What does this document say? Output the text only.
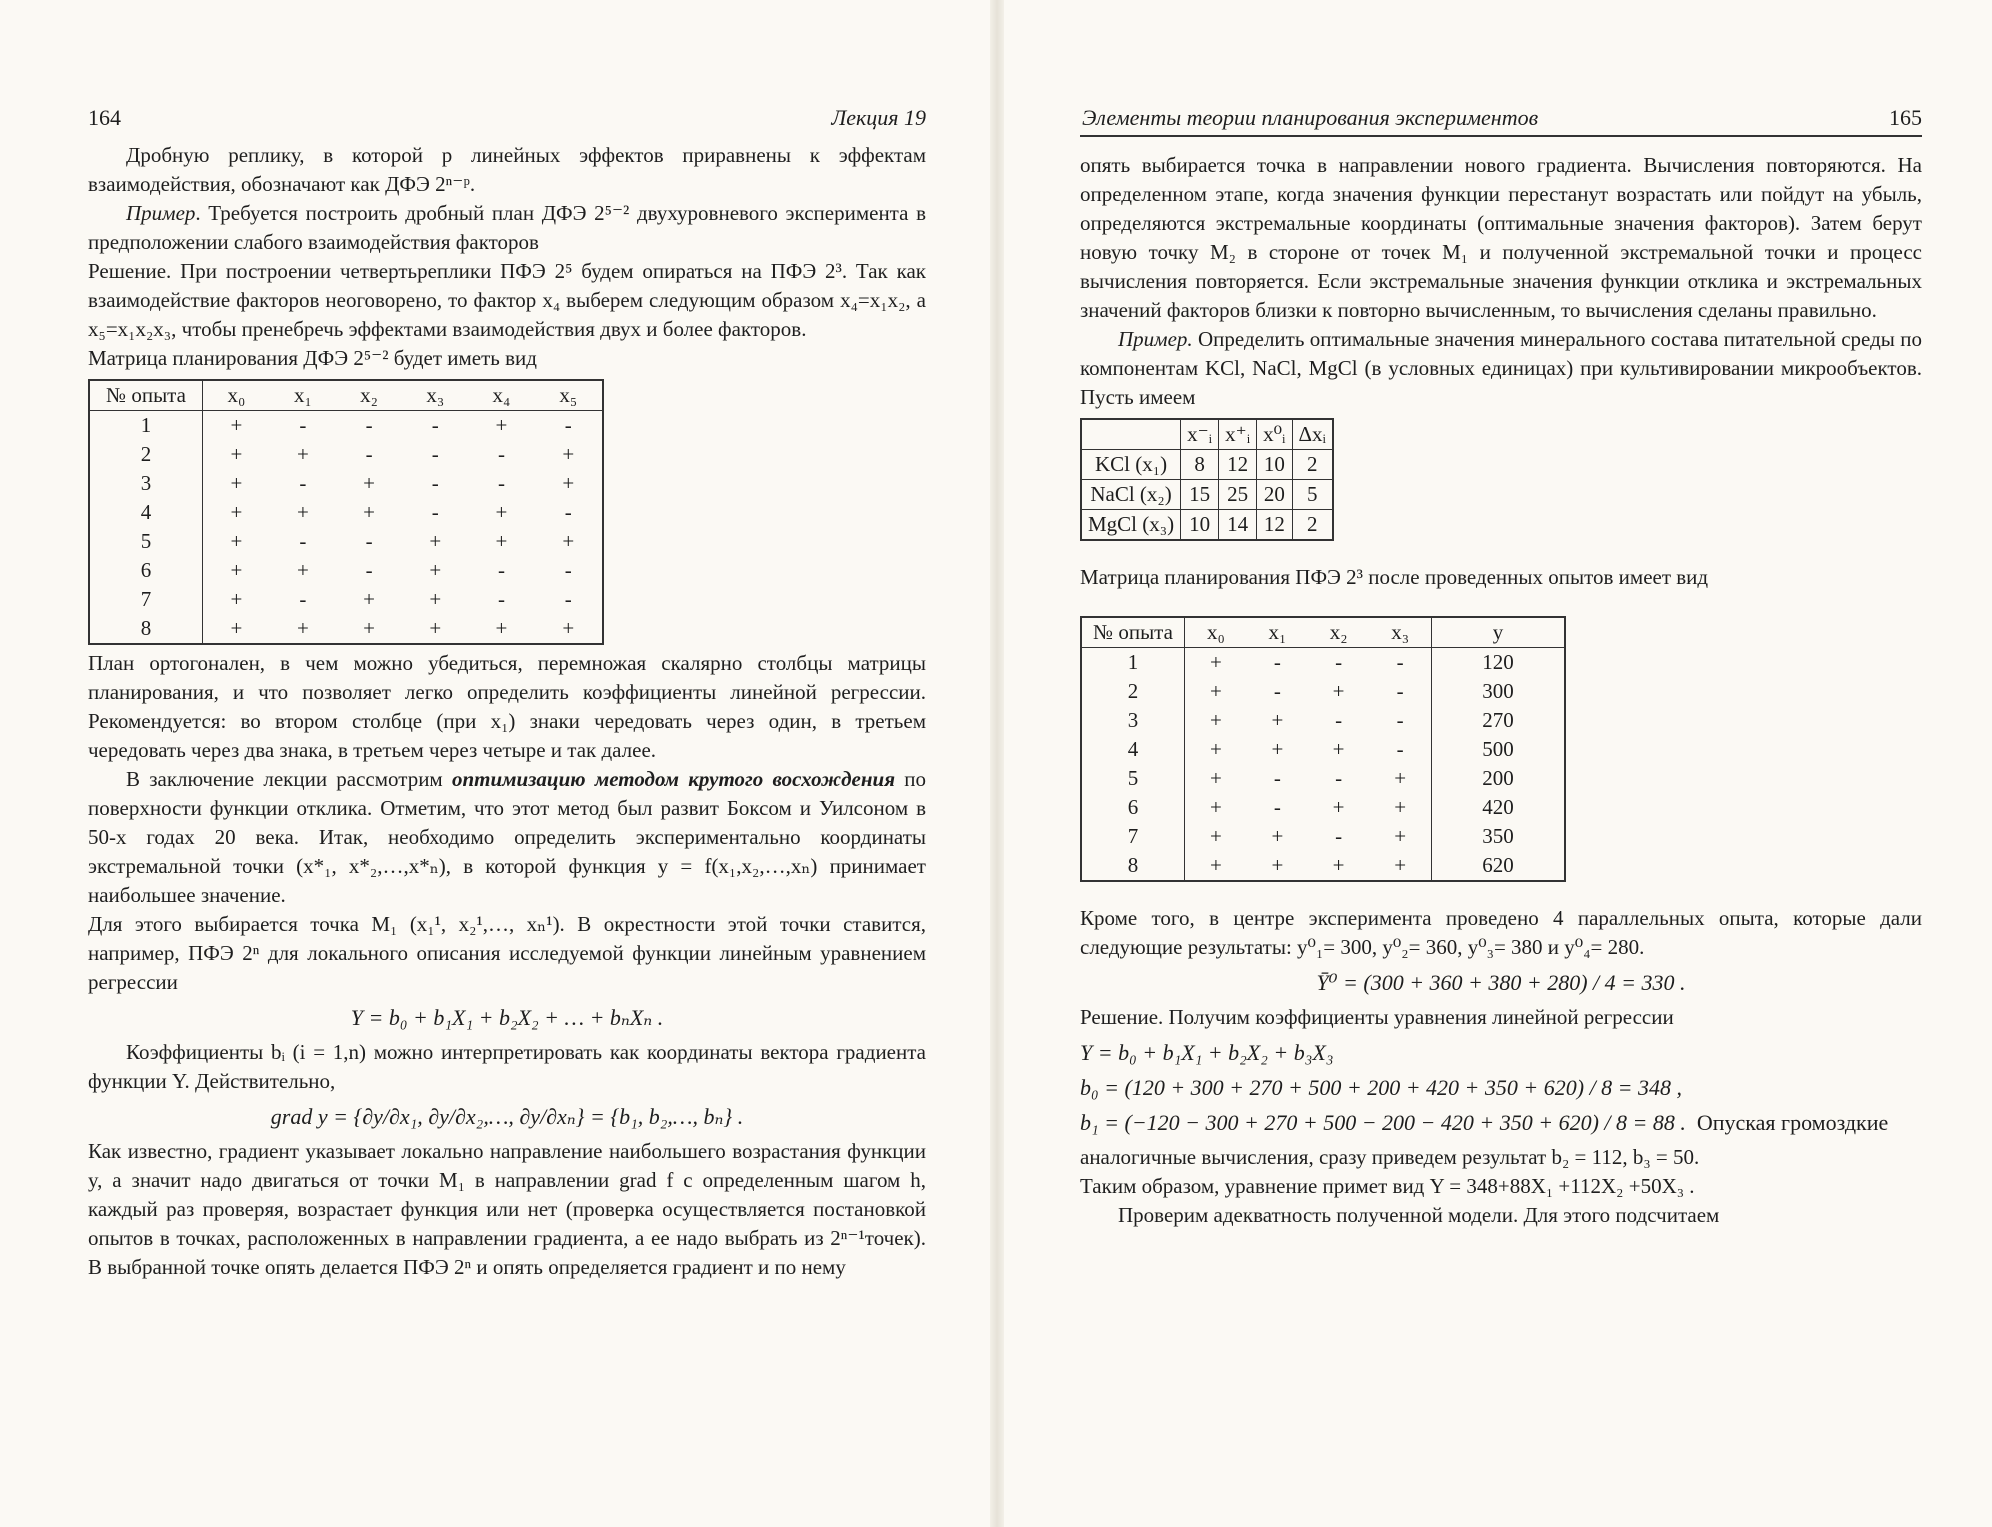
164	Лекция 19

Дробную реплику, в которой p линейных эффектов приравнены к эффектам взаимодействия, обозначают как ДФЭ 2ⁿ⁻ᵖ.

Пример. Требуется построить дробный план ДФЭ 2⁵⁻² двухуровневого эксперимента в предположении слабого взаимодействия факторов

Решение. При построении четвертьреплики ПФЭ 2⁵ будем опираться на ПФЭ 2³. Так как взаимодействие факторов неоговорено, то фактор x₄ выберем следующим образом x₄=x₁x₂, а x₅=x₁x₂x₃, чтобы пренебречь эффектами взаимодействия двух и более факторов.

Матрица планирования ДФЭ 2⁵⁻² будет иметь вид

№ опыта	x₀	x₁	x₂	x₃	x₄	x₅
1	+	-	-	-	+	-
2	+	+	-	-	-	+
3	+	-	+	-	-	+
4	+	+	+	-	+	-
5	+	-	-	+	+	+
6	+	+	-	+	-	-
7	+	-	+	+	-	-
8	+	+	+	+	+	+

План ортогонален, в чем можно убедиться, перемножая скалярно столбцы матрицы планирования, и что позволяет легко определить коэффициенты линейной регрессии. Рекомендуется: во втором столбце (при x₁) знаки чередовать через один, в третьем чередовать через два знака, в третьем через четыре и так далее.

В заключение лекции рассмотрим оптимизацию методом крутого восхождения по поверхности функции отклика. Отметим, что этот метод был развит Боксом и Уилсоном в 50-х годах 20 века. Итак, необходимо определить экспериментально координаты экстремальной точки (x*₁, x*₂,…,x*ₙ), в которой функция y = f(x₁,x₂,…,xₙ) принимает наибольшее значение.

Для этого выбирается точка M₁ (x₁¹, x₂¹,…, xₙ¹). В окрестности этой точки ставится, например, ПФЭ 2ⁿ для локального описания исследуемой функции линейным уравнением регрессии

Y = b₀ + b₁X₁ + b₂X₂ + … + bₙXₙ .

Коэффициенты bᵢ (i = 1,n) можно интерпретировать как координаты вектора градиента функции Y. Действительно,

grad y = {∂y/∂x₁, ∂y/∂x₂,…, ∂y/∂xₙ} = {b₁, b₂,…, bₙ} .

Как известно, градиент указывает локально направление наибольшего возрастания функции y, а значит надо двигаться от точки M₁ в направлении grad f с определенным шагом h, каждый раз проверяя, возрастает функция или нет (проверка осуществляется постановкой опытов в точках, расположенных в направлении градиента, а ее надо выбрать из 2ⁿ⁻¹точек). В выбранной точке опять делается ПФЭ 2ⁿ и опять определяется градиент и по нему

Элементы теории планирования экспериментов	165

опять выбирается точка в направлении нового градиента. Вычисления повторяются. На определенном этапе, когда значения функции перестанут возрастать или пойдут на убыль, определяются экстремальные координаты (оптимальные значения факторов). Затем берут новую точку M₂ в стороне от точек M₁ и полученной экстремальной точки и процесс вычисления повторяется. Если экстремальные значения функции отклика и экстремальных значений факторов близки к повторно вычисленным, то вычисления сделаны правильно.

Пример. Определить оптимальные значения минерального состава питательной среды по компонентам KCl, NaCl, MgCl (в условных единицах) при культивировании микрообъектов. Пусть имеем

	x⁻ᵢ	x⁺ᵢ	x⁰ᵢ	Δxᵢ
KCl (x₁)	8	12	10	2
NaCl (x₂)	15	25	20	5
MgCl (x₃)	10	14	12	2

Матрица планирования ПФЭ 2³ после проведенных опытов имеет вид

№ опыта	x₀	x₁	x₂	x₃	y
1	+	-	-	-	120
2	+	-	+	-	300
3	+	+	-	-	270
4	+	+	+	-	500
5	+	-	-	+	200
6	+	-	+	+	420
7	+	+	-	+	350
8	+	+	+	+	620

Кроме того, в центре эксперимента проведено 4 параллельных опыта, которые дали следующие результаты: y⁰₁= 300, y⁰₂= 360, y⁰₃= 380 и y⁰₄= 280.

Ȳ⁰ = (300 + 360 + 380 + 280) / 4 = 330 .

Решение. Получим коэффициенты уравнения линейной регрессии

Y = b₀ + b₁X₁ + b₂X₂ + b₃X₃

b₀ = (120 + 300 + 270 + 500 + 200 + 420 + 350 + 620) / 8 = 348 ,

b₁ = (−120 − 300 + 270 + 500 − 200 − 420 + 350 + 620) / 8 = 88 . Опуская громоздкие

аналогичные вычисления, сразу приведем результат b₂ = 112, b₃ = 50.

Таким образом, уравнение примет вид Y = 348+88X₁ +112X₂ +50X₃ .

Проверим адекватность полученной модели. Для этого подсчитаем
